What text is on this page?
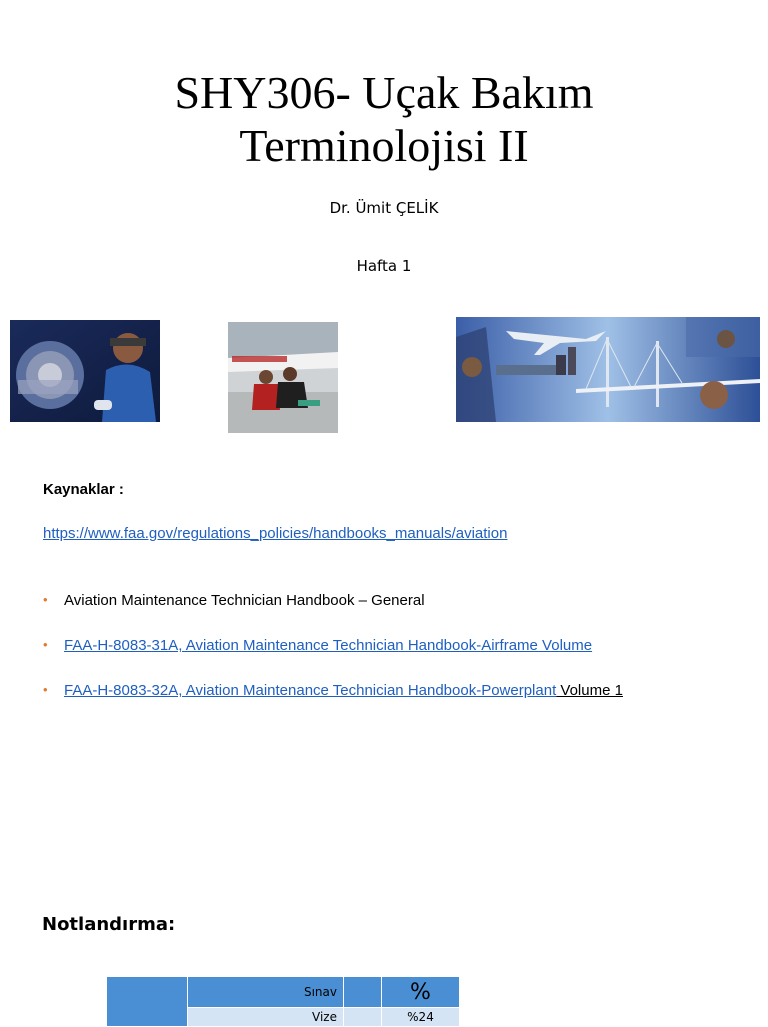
SHY306- Uçak Bakım
Terminolojisi II
Dr. Ümit ÇELİK
Hafta 1
Kaynaklar :
https://www.faa.gov/regulations_policies/handbooks_manuals/aviation
• Aviation Maintenance Technician Handbook – General
• FAA-H-8083-31A, Aviation Maintenance Technician Handbook-Airframe Volume
• FAA-H-8083-32A, Aviation Maintenance Technician Handbook-Powerplant Volume 1
Notlandırma:
	Sınav		%
	Vize		%24
